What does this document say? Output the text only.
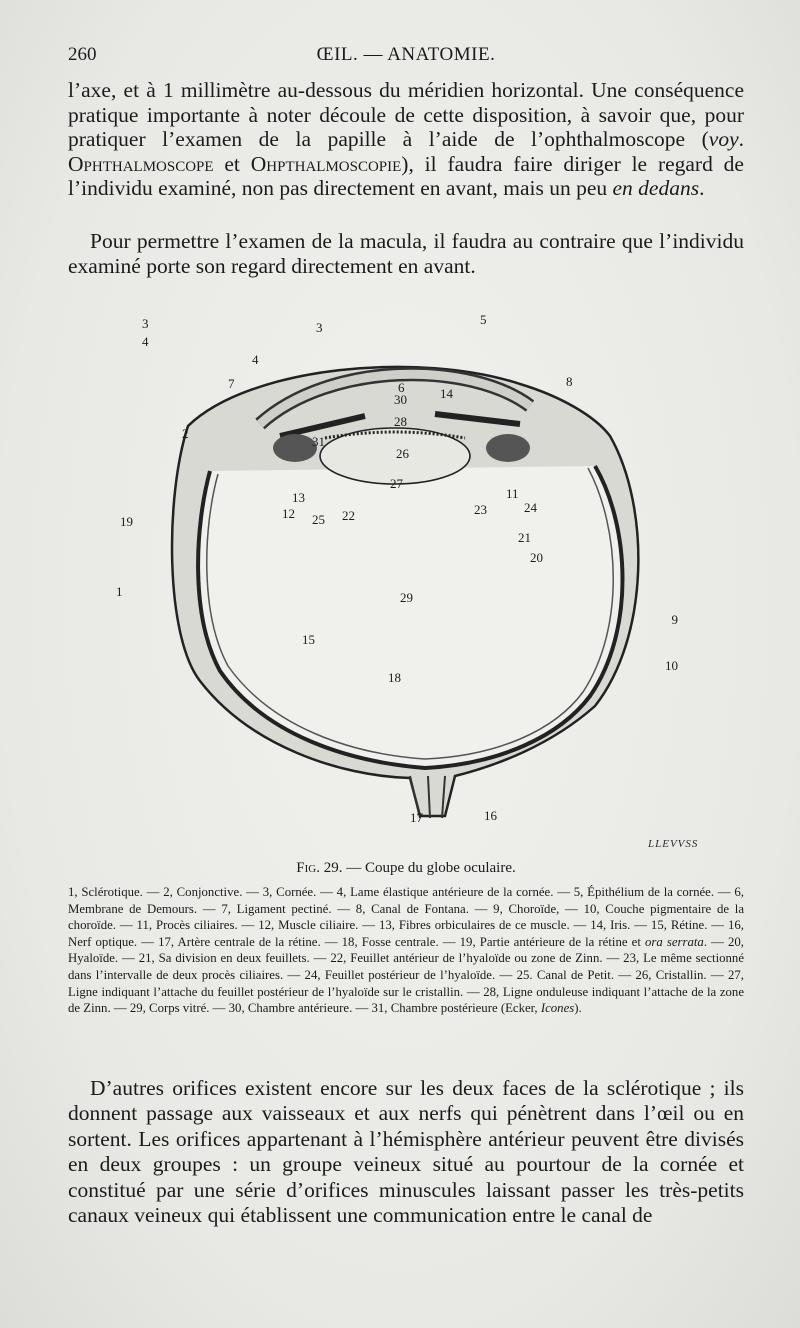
260	ŒIL. — ANATOMIE.

l’axe, et à 1 millimètre au-dessous du méridien horizontal. Une conséquence pratique importante à noter découle de cette disposition, à savoir que, pour pratiquer l’examen de la papille à l’aide de l’ophthalmoscope (voy. Ophthalmoscope et Ohpthalmoscopie), il faudra faire diriger le regard de l’individu examiné, non pas directement en avant, mais un peu en dedans.

Pour permettre l’examen de la macula, il faudra au contraire que l’individu examiné porte son regard directement en avant.

3
4
3
4
7
5
6
30	14
8
2
28
31
26
27
13
12 25 22
11
23	24
21
20
19
1	29
9
15
10
18
17	16
LLEVVSS
Fig. 29. — Coupe du globe oculaire.
1, Sclérotique. — 2, Conjonctive. — 3, Cornée. — 4, Lame élastique antérieure de la cornée. — 5, Épithélium de la cornée. — 6, Membrane de Demours. — 7, Ligament pectiné. — 8, Canal de Fontana. — 9, Choroïde, — 10, Couche pigmentaire de la choroïde. — 11, Procès ciliaires. — 12, Muscle ciliaire. — 13, Fibres orbiculaires de ce muscle. — 14, Iris. — 15, Rétine. — 16, Nerf optique. — 17, Artère centrale de la rétine. — 18, Fosse centrale. — 19, Partie antérieure de la rétine et ora serrata. — 20, Hyaloïde. — 21, Sa division en deux feuillets. — 22, Feuillet antérieur de l’hyaloïde ou zone de Zinn. — 23, Le même sectionné dans l’intervalle de deux procès ciliaires. — 24, Feuillet postérieur de l’hyaloïde. — 25. Canal de Petit. — 26, Cristallin. — 27, Ligne indiquant l’attache du feuillet postérieur de l’hyaloïde sur le cristallin. — 28, Ligne onduleuse indiquant l’attache de la zone de Zinn. — 29, Corps vitré. — 30, Chambre antérieure. — 31, Chambre postérieure (Ecker, Icones).

D’autres orifices existent encore sur les deux faces de la sclérotique ; ils donnent passage aux vaisseaux et aux nerfs qui pénètrent dans l’œil ou en sortent. Les orifices appartenant à l’hémisphère antérieur peuvent être divisés en deux groupes : un groupe veineux situé au pourtour de la cornée et constitué par une série d’orifices minuscules laissant passer les très-petits canaux veineux qui établissent une communication entre le canal de
